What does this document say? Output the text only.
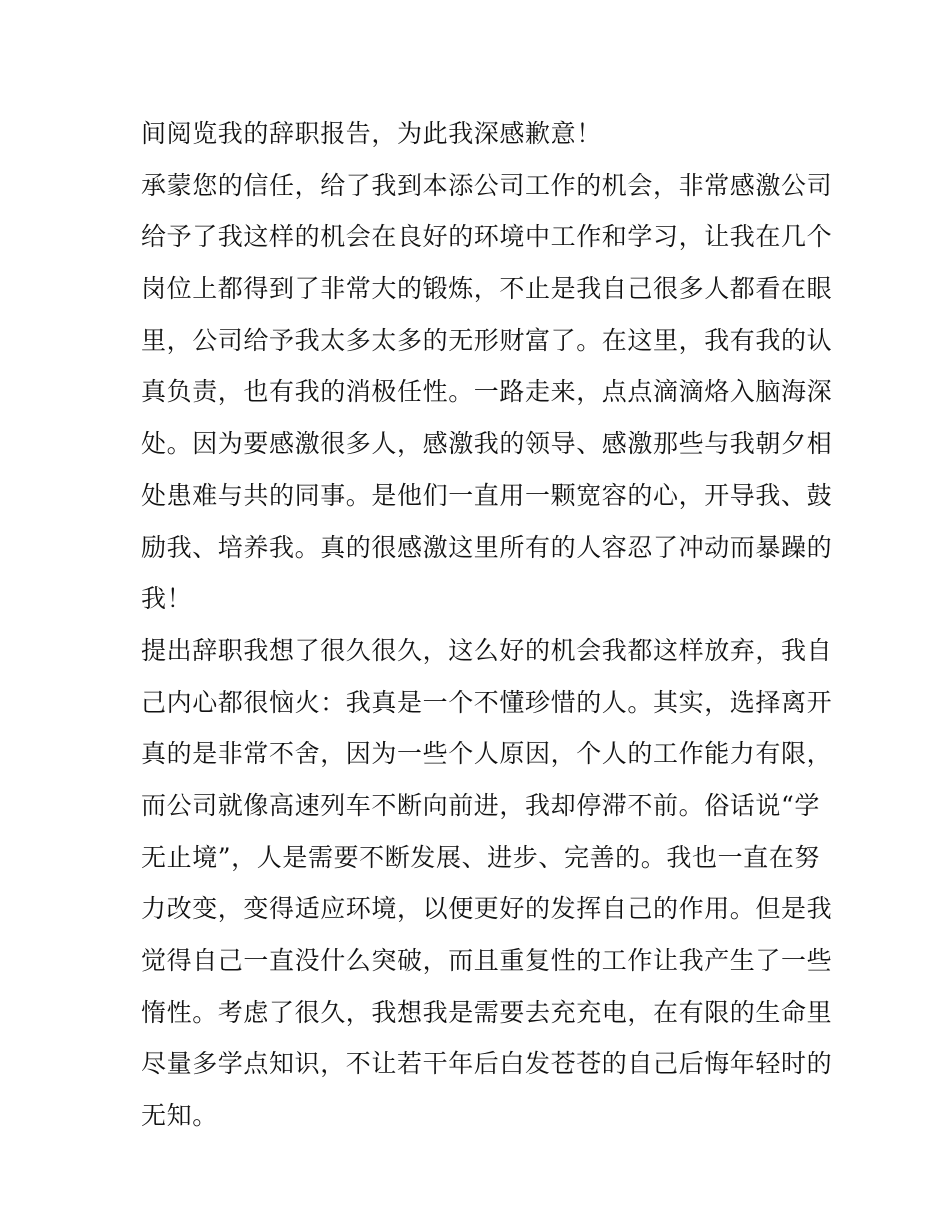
间阅览我的辞职报告，为此我深感歉意！
承蒙您的信任，给了我到本添公司工作的机会，非常感激公司
给予了我这样的机会在良好的环境中工作和学习，让我在几个
岗位上都得到了非常大的锻炼，不止是我自己很多人都看在眼
里，公司给予我太多太多的无形财富了。在这里，我有我的认
真负责，也有我的消极任性。一路走来，点点滴滴烙入脑海深
处。因为要感激很多人，感激我的领导、感激那些与我朝夕相
处患难与共的同事。是他们一直用一颗宽容的心，开导我、鼓
励我、培养我。真的很感激这里所有的人容忍了冲动而暴躁的
我！
提出辞职我想了很久很久，这么好的机会我都这样放弃，我自
己内心都很恼火：我真是一个不懂珍惜的人。其实，选择离开
真的是非常不舍，因为一些个人原因，个人的工作能力有限，
而公司就像高速列车不断向前进，我却停滞不前。俗话说“学
无止境”，人是需要不断发展、进步、完善的。我也一直在努
力改变，变得适应环境，以便更好的发挥自己的作用。但是我
觉得自己一直没什么突破，而且重复性的工作让我产生了一些
惰性。考虑了很久，我想我是需要去充充电，在有限的生命里
尽量多学点知识，不让若干年后白发苍苍的自己后悔年轻时的
无知。
